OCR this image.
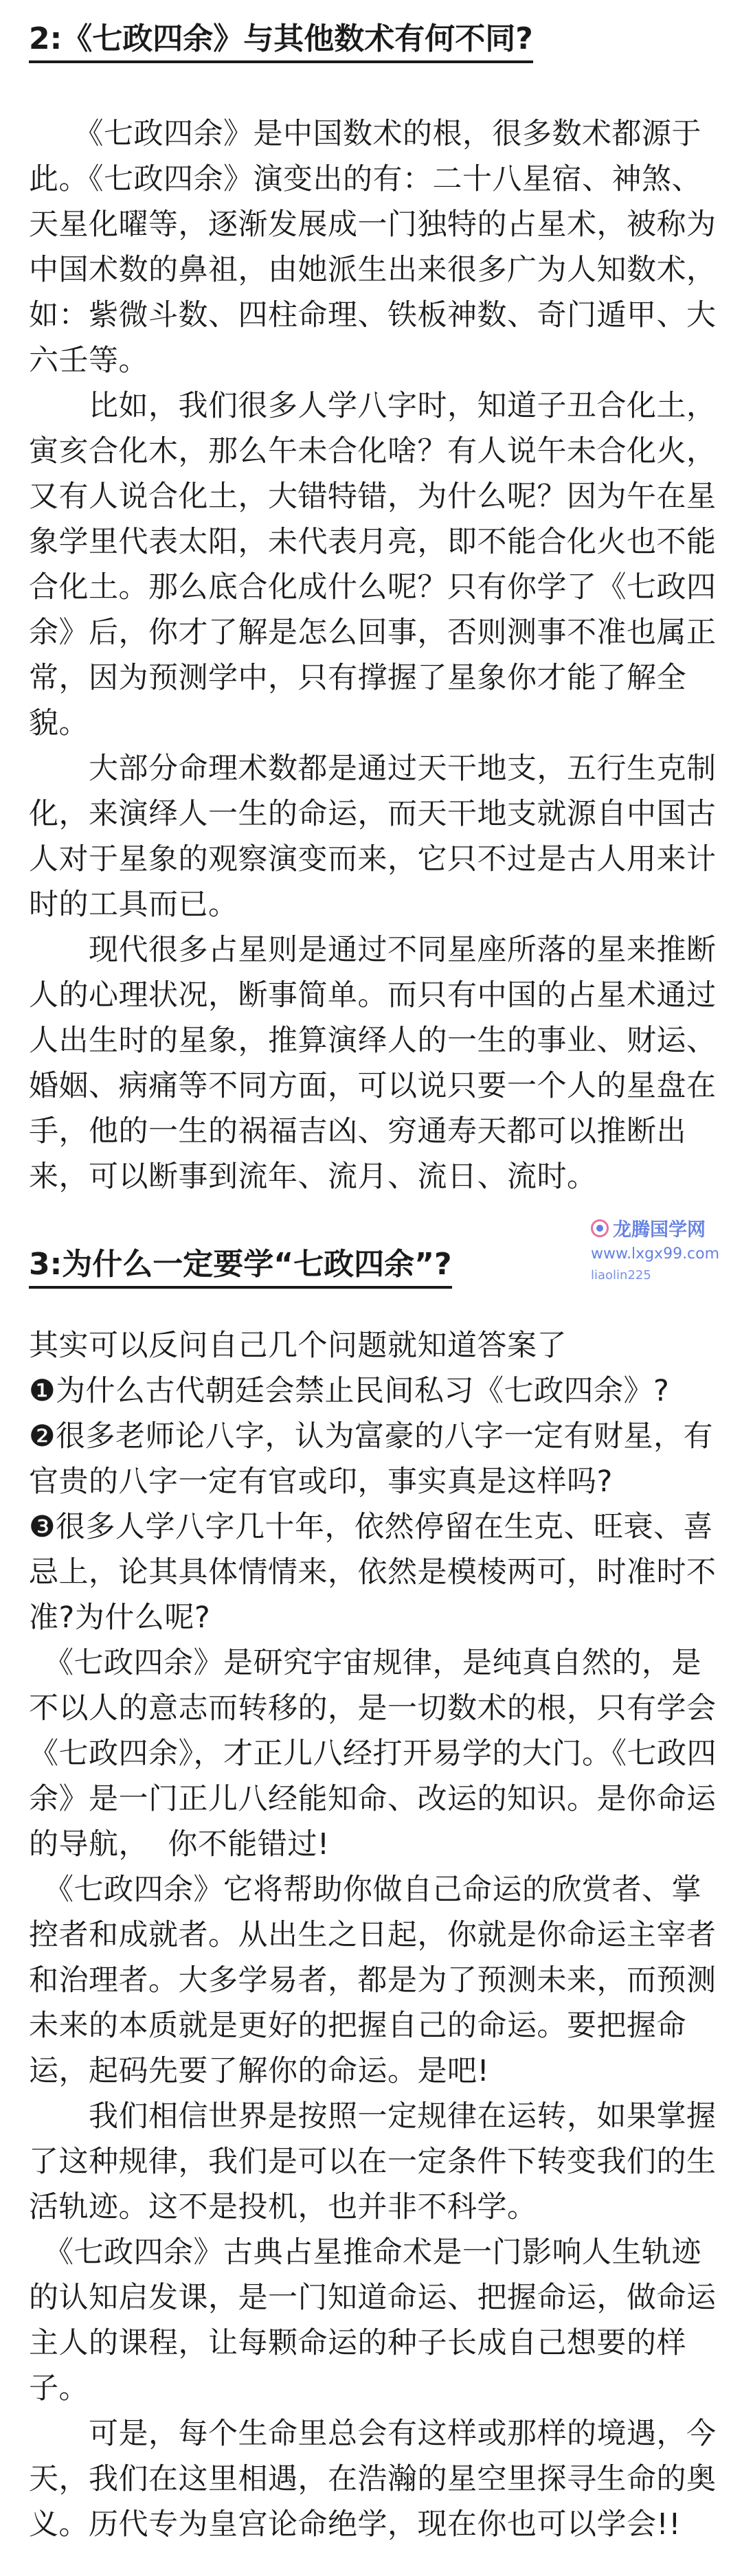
2:《七政四余》与其他数术有何不同?

　　《七政四余》是中国数术的根，很多数术都源于此。《七政四余》演变出的有：二十八星宿、神煞、天星化曜等，逐渐发展成一门独特的占星术，被称为中国术数的鼻祖，由她派生出来很多广为人知数术，如：紫微斗数、四柱命理、铁板神数、奇门遁甲、大六壬等。

　　比如，我们很多人学八字时，知道子丑合化土，寅亥合化木，那么午未合化啥？有人说午未合化火，又有人说合化土，大错特错，为什么呢？因为午在星象学里代表太阳，未代表月亮，即不能合化火也不能合化土。那么底合化成什么呢？只有你学了《七政四余》后，你才了解是怎么回事，否则测事不准也属正常，因为预测学中，只有撑握了星象你才能了解全貌。

　　大部分命理术数都是通过天干地支，五行生克制化，来演绎人一生的命运，而天干地支就源自中国古人对于星象的观察演变而来，它只不过是古人用来计时的工具而已。

　　现代很多占星则是通过不同星座所落的星来推断人的心理状况，断事简单。而只有中国的占星术通过人出生时的星象，推算演绎人的一生的事业、财运、婚姻、病痛等不同方面，可以说只要一个人的星盘在手，他的一生的祸福吉凶、穷通寿天都可以推断出来，可以断事到流年、流月、流日、流时。

3:为什么一定要学“七政四余”?

其实可以反问自己几个问题就知道答案了

❶为什么古代朝廷会禁止民间私习《七政四余》?

❷很多老师论八字，认为富豪的八字一定有财星，有官贵的八字一定有官或印，事实真是这样吗?

❸很多人学八字几十年，依然停留在生克、旺衰、喜忌上，论其具体情情来，依然是模棱两可，时准时不准?为什么呢?

　《七政四余》是研究宇宙规律，是纯真自然的，是不以人的意志而转移的，是一切数术的根，只有学会《七政四余》，才正儿八经打开易学的大门。《七政四余》是一门正儿八经能知命、改运的知识。是你命运的导航，  你不能错过!

　《七政四余》它将帮助你做自己命运的欣赏者、掌控者和成就者。从出生之日起，你就是你命运主宰者和治理者。大多学易者，都是为了预测未来，而预测未来的本质就是更好的把握自己的命运。要把握命运，起码先要了解你的命运。是吧!

　　我们相信世界是按照一定规律在运转，如果掌握了这种规律，我们是可以在一定条件下转变我们的生活轨迹。这不是投机，也并非不科学。

　《七政四余》古典占星推命术是一门影响人生轨迹的认知启发课，是一门知道命运、把握命运，做命运主人的课程，让每颗命运的种子长成自己想要的样子。

　　可是，每个生命里总会有这样或那样的境遇，今天，我们在这里相遇，在浩瀚的星空里探寻生命的奥义。历代专为皇宫论命绝学，现在你也可以学会!!

龙腾国学网
www.lxgx99.com
liaolin225
